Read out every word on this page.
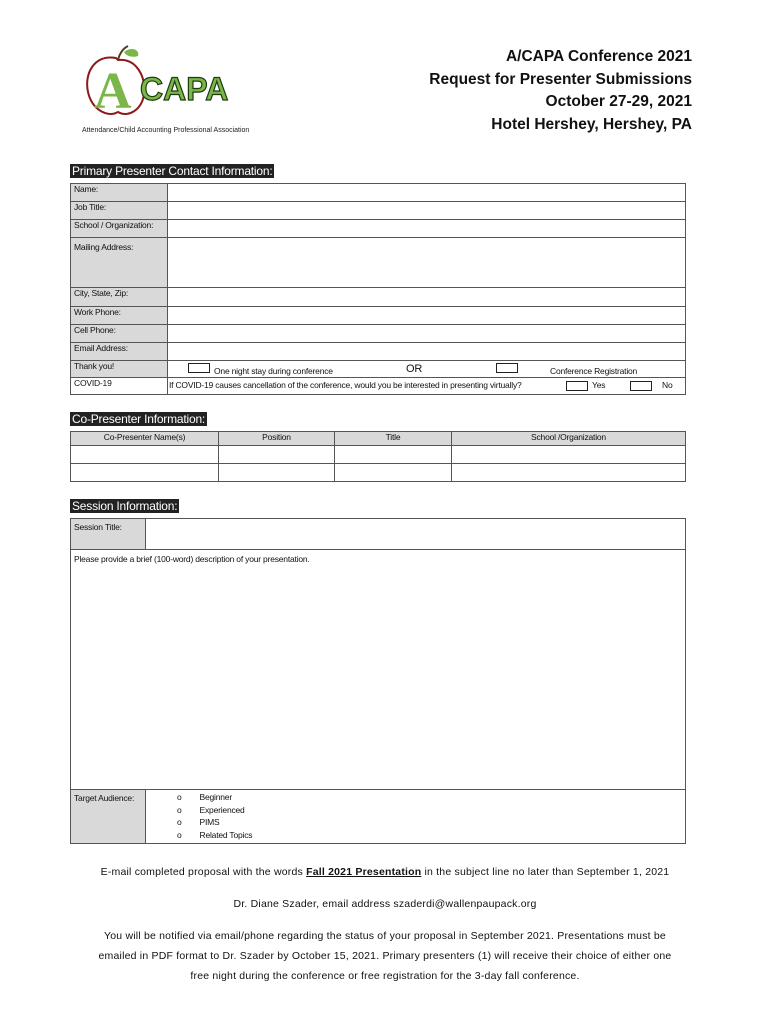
A CAPA
Attendance/Child Accounting Professional Association
A/CAPA Conference 2021
Request for Presenter Submissions
October 27-29, 2021
Hotel Hershey, Hershey, PA
Primary Presenter Contact Information:
Name:	
Job Title:	
School / Organization:	
Mailing Address:	
City, State, Zip:	
Work Phone:	
Cell Phone:	
Email Address:	
Thank you!	One night stay during conference OR Conference Registration

COVID-19	If COVID-19 causes cancellation of the conference, would you be interested in presenting virtually? Yes No
Co-Presenter Information:
Co-Presenter Name(s)	Position	Title	School /Organization

Session Information:
Session Title:	
Please provide a brief (100-word) description of your presentation.	
Target Audience:	o Beginner
o Experienced
o PIMS
o Related Topics

E-mail completed proposal with the words Fall 2021 Presentation in the subject line no later than September 1, 2021

Dr. Diane Szader, email address szaderdi@wallenpaupack.org

You will be notified via email/phone regarding the status of your proposal in September 2021. Presentations must be

emailed in PDF format to Dr. Szader by October 15, 2021. Primary presenters (1) will receive their choice of either one

free night during the conference or free registration for the 3-day fall conference.
